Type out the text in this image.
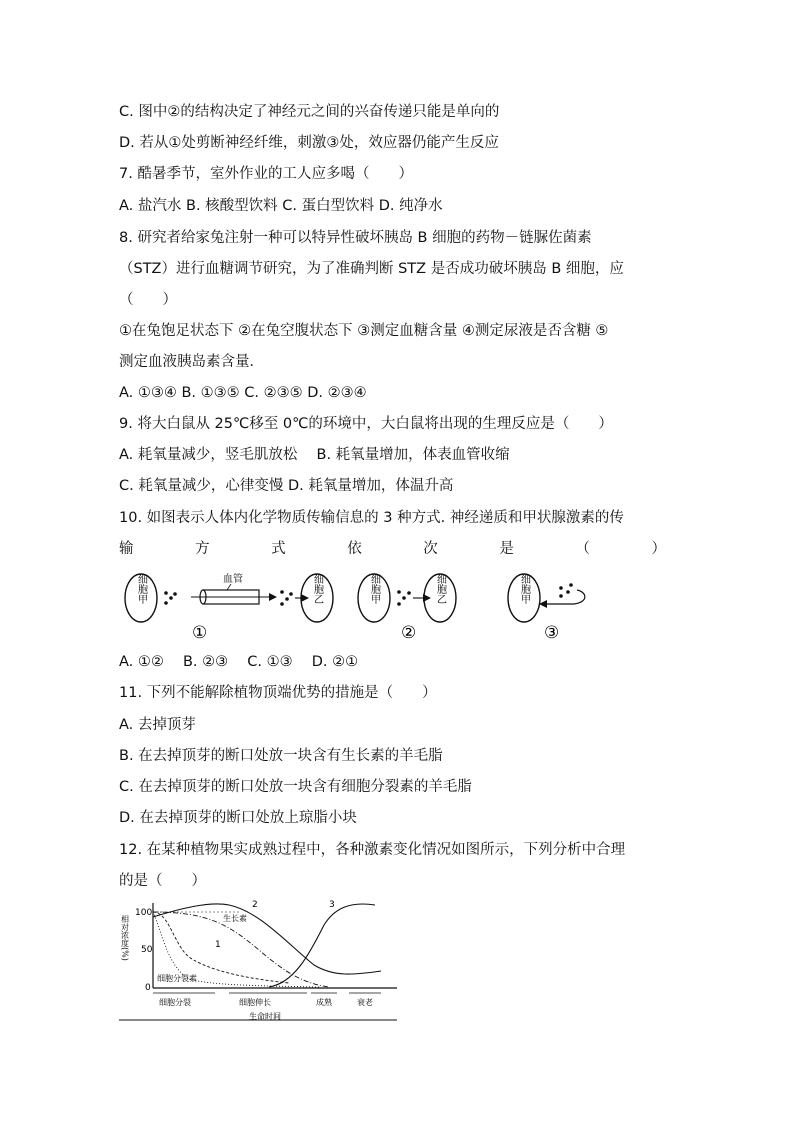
C. 图中②的结构决定了神经元之间的兴奋传递只能是单向的
D. 若从①处剪断神经纤维，刺激③处，效应器仍能产生反应
7. 酷暑季节，室外作业的工人应多喝（　　）
A. 盐汽水 B. 核酸型饮料 C. 蛋白型饮料 D. 纯净水
8. 研究者给家兔注射一种可以特异性破坏胰岛 B 细胞的药物－链脲佐菌素
（STZ）进行血糖调节研究，为了准确判断 STZ 是否成功破坏胰岛 B 细胞，应
（　　）
①在兔饱足状态下 ②在兔空腹状态下 ③测定血糖含量 ④测定尿液是否含糖 ⑤
测定血液胰岛素含量．
A. ①③④ B. ①③⑤ C. ②③⑤ D. ②③④
9. 将大白鼠从 25℃移至 0℃的环境中，大白鼠将出现的生理反应是（　　）
A. 耗氧量减少，竖毛肌放松　 B. 耗氧量增加，体表血管收缩
C. 耗氧量减少，心律变慢 D. 耗氧量增加，体温升高
10. 如图表示人体内化学物质传输信息的 3 种方式. 神经递质和甲状腺激素的传
输	方	式	依	次	是	（	）
细胞甲	血管	细胞乙
①
细胞甲	细胞乙
②
细胞甲
③
A. ①②　 B. ②③　 C. ①③　 D. ②①
11. 下列不能解除植物顶端优势的措施是（　　）
A. 去掉顶芽
B. 在去掉顶芽的断口处放一块含有生长素的羊毛脂
C. 在去掉顶芽的断口处放一块含有细胞分裂素的羊毛脂
D. 在去掉顶芽的断口处放上琼脂小块
12. 在某种植物果实成熟过程中，各种激素变化情况如图所示，下列分析中合理
的是（　　）
相对浓度(%)
100
50
0
2	3
1
生长素
细胞分裂素
细胞分裂	细胞伸长	成熟	衰老
生命时间
